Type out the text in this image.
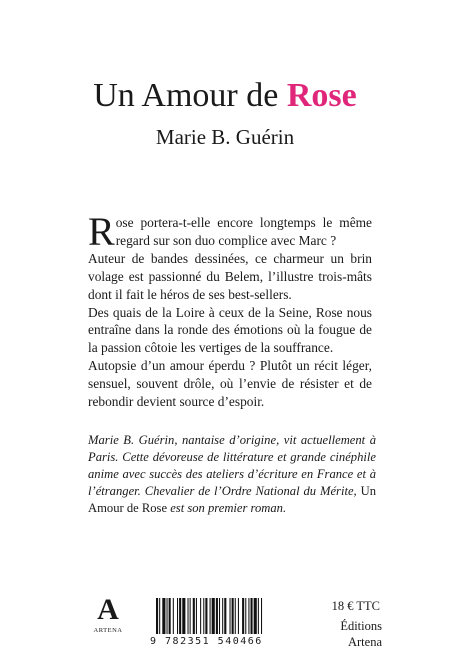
Un Amour de Rose
Marie B. Guérin

Rose portera-t-elle encore longtemps le même regard sur son duo complice avec Marc ?

Auteur de bandes dessinées, ce charmeur un brin volage est passionné du Belem, l’illustre trois-mâts dont il fait le héros de ses best-sellers.

Des quais de la Loire à ceux de la Seine, Rose nous entraîne dans la ronde des émotions où la fougue de la passion côtoie les vertiges de la souffrance.

Autopsie d’un amour éperdu ? Plutôt un récit léger, sensuel, souvent drôle, où l’envie de résister et de rebondir devient source d’espoir.

Marie B. Guérin, nantaise d’origine, vit actuellement à Paris. Cette dévoreuse de littérature et grande cinéphile anime avec succès des ateliers d’écriture en France et à l’étranger. Chevalier de l’Ordre National du Mérite, Un Amour de Rose est son premier roman.
A
ARTENA
9 782351 540466
18 € TTC
Éditions Artena
